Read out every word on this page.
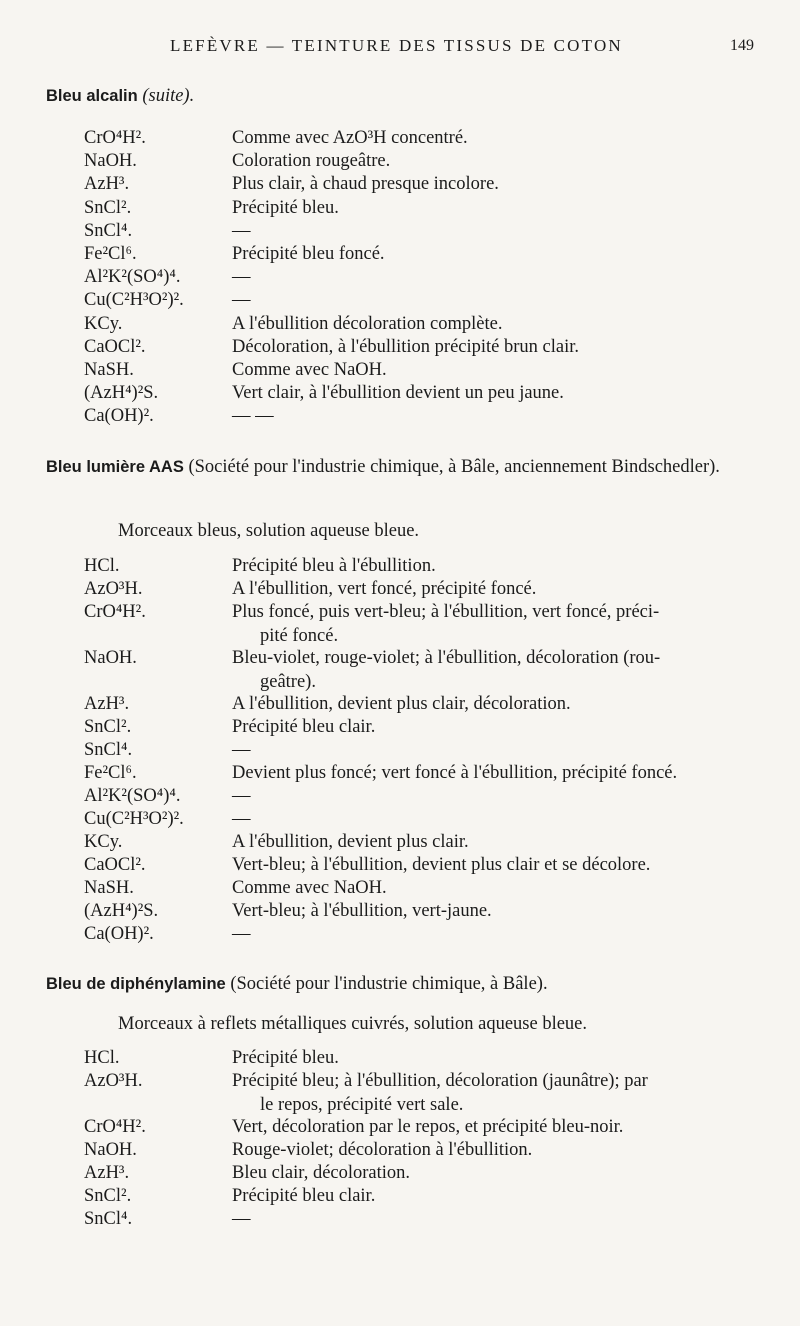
LEFÈVRE — TEINTURE DES TISSUS DE COTON	149
Bleu alcalin (suite).
CrO⁴H².	Comme avec AzO³H concentré.
NaOH.	Coloration rougeâtre.
AzH³.	Plus clair, à chaud presque incolore.
SnCl².	Précipité bleu.
SnCl⁴.	—
Fe²Cl⁶.	Précipité bleu foncé.
Al²K²(SO⁴)⁴.	—
Cu(C²H³O²)².	—
KCy.	A l'ébullition décoloration complète.
CaOCl².	Décoloration, à l'ébullition précipité brun clair.
NaSH.	Comme avec NaOH.
(AzH⁴)²S.	Vert clair, à l'ébullition devient un peu jaune.
Ca(OH)².	— —
Bleu lumière AAS (Société pour l'industrie chimique, à Bâle, anciennement Bindschedler).
Morceaux bleus, solution aqueuse bleue.
HCl.	Précipité bleu à l'ébullition.
AzO³H.	A l'ébullition, vert foncé, précipité foncé.
CrO⁴H².	Plus foncé, puis vert-bleu; à l'ébullition, vert foncé, préci-
pité foncé.
NaOH.	Bleu-violet, rouge-violet; à l'ébullition, décoloration (rou-
geâtre).
AzH³.	A l'ébullition, devient plus clair, décoloration.
SnCl².	Précipité bleu clair.
SnCl⁴.	—
Fe²Cl⁶.	Devient plus foncé; vert foncé à l'ébullition, précipité foncé.
Al²K²(SO⁴)⁴.	—
Cu(C²H³O²)².	—
KCy.	A l'ébullition, devient plus clair.
CaOCl².	Vert-bleu; à l'ébullition, devient plus clair et se décolore.
NaSH.	Comme avec NaOH.
(AzH⁴)²S.	Vert-bleu; à l'ébullition, vert-jaune.
Ca(OH)².	—
Bleu de diphénylamine (Société pour l'industrie chimique, à Bâle).
Morceaux à reflets métalliques cuivrés, solution aqueuse bleue.
HCl.	Précipité bleu.
AzO³H.	Précipité bleu; à l'ébullition, décoloration (jaunâtre); par
le repos, précipité vert sale.
CrO⁴H².	Vert, décoloration par le repos, et précipité bleu-noir.
NaOH.	Rouge-violet; décoloration à l'ébullition.
AzH³.	Bleu clair, décoloration.
SnCl².	Précipité bleu clair.
SnCl⁴.	—
